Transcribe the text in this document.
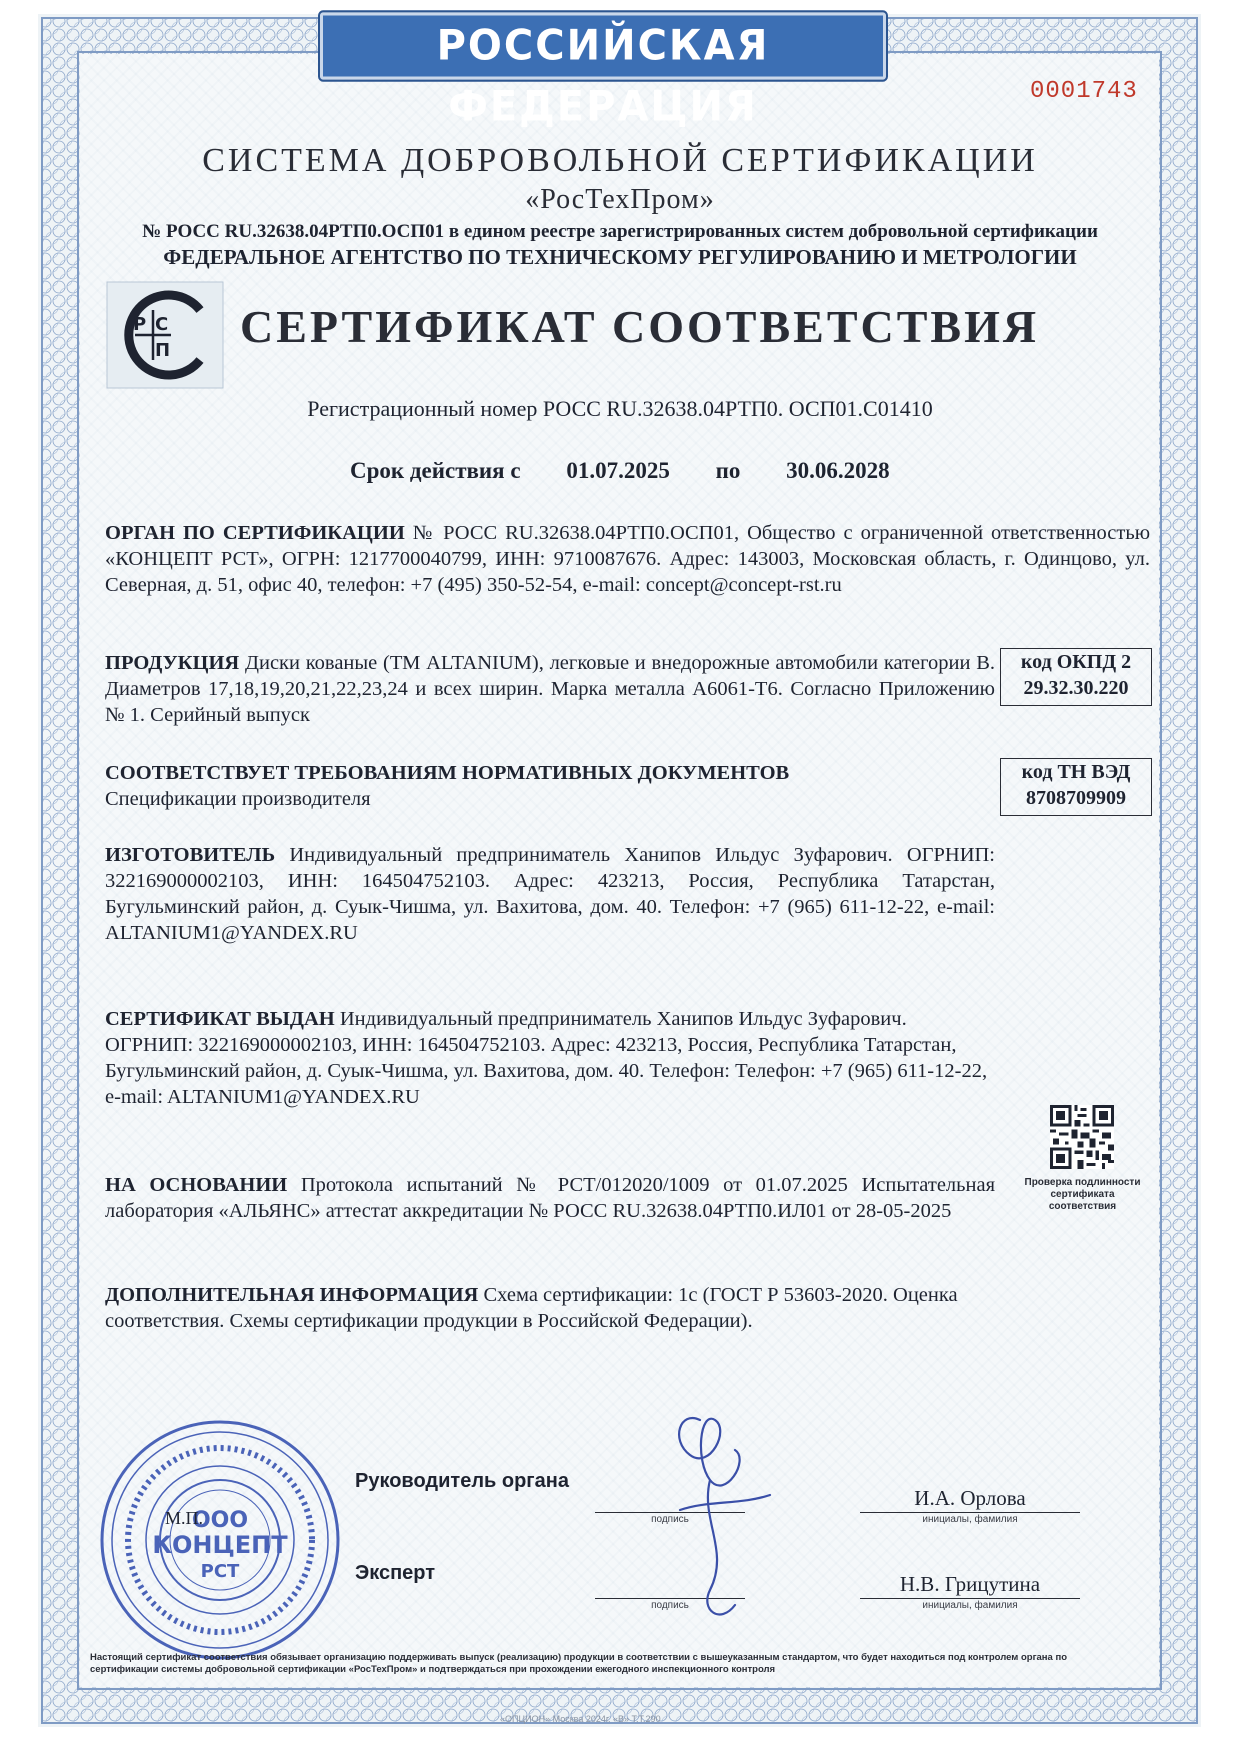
РОССИЙСКАЯ ФЕДЕРАЦИЯ	0001743
СИСТЕМА ДОБРОВОЛЬНОЙ СЕРТИФИКАЦИИ
«РосТехПром»
№ РОСС RU.32638.04РТП0.ОСП01 в едином реестре зарегистрированных систем добровольной сертификации
ФЕДЕРАЛЬНОЕ АГЕНТСТВО ПО ТЕХНИЧЕСКОМУ РЕГУЛИРОВАНИЮ И МЕТРОЛОГИИ
Р
П
С СЕРТИФИКАТ СООТВЕТСТВИЯ
Регистрационный номер РОСС RU.32638.04РТП0. ОСП01.С01410
Срок действия с 01.07.2025 по 30.06.2028
ОРГАН ПО СЕРТИФИКАЦИИ № РОСС RU.32638.04РТП0.ОСП01, Общество с ограниченной ответственностью «КОНЦЕПТ РСТ», ОГРН: 1217700040799, ИНН: 9710087676. Адрес: 143003, Московская область, г. Одинцово, ул. Северная, д. 51, офис 40, телефон: +7 (495) 350-52-54, e-mail: concept@concept-rst.ru
ПРОДУКЦИЯ Диски кованые (ТМ ALTANIUM), легковые и внедорожные автомобили категории В. Диаметров 17,18,19,20,21,22,23,24 и всех ширин. Марка металла А6061-Т6. Согласно Приложению № 1. Серийный выпуск
код ОКПД 2
29.32.30.220
СООТВЕТСТВУЕТ ТРЕБОВАНИЯМ НОРМАТИВНЫХ ДОКУМЕНТОВ
Спецификации производителя
код ТН ВЭД
8708709909
ИЗГОТОВИТЕЛЬ Индивидуальный предприниматель Ханипов Ильдус Зуфарович. ОГРНИП: 322169000002103, ИНН: 164504752103. Адрес: 423213, Россия, Республика Татарстан, Бугульминский район, д. Суык-Чишма, ул. Вахитова, дом. 40. Телефон: +7 (965) 611-12-22, e-mail: ALTANIUM1@YANDEX.RU
СЕРТИФИКАТ ВЫДАН Индивидуальный предприниматель Ханипов Ильдус Зуфарович. ОГРНИП: 322169000002103, ИНН: 164504752103. Адрес: 423213, Россия, Республика Татарстан, Бугульминский район, д. Суык-Чишма, ул. Вахитова, дом. 40. Телефон: Телефон: +7 (965) 611-12-22, e-mail: ALTANIUM1@YANDEX.RU
НА ОСНОВАНИИ Протокола испытаний № РСТ/012020/1009 от 01.07.2025 Испытательная лаборатория «АЛЬЯНС» аттестат аккредитации № РОСС RU.32638.04РТП0.ИЛ01 от 28-05-2025
ДОПОЛНИТЕЛЬНАЯ ИНФОРМАЦИЯ Схема сертификации: 1с (ГОСТ Р 53603-2020. Оценка соответствия. Схемы сертификации продукции в Российской Федерации).
Проверка подлинности сертификата соответствия
ООО
КОНЦЕПТ
РСТ
М.П.
Руководитель органа
подпись
И.А. Орлова
инициалы, фамилия
Эксперт
подпись
Н.В. Грицутина
инициалы, фамилия
Настоящий сертификат соответствия обязывает организацию поддерживать выпуск (реализацию) продукции в соответствии с вышеуказанным стандартом, что будет находиться под контролем органа по сертификации системы добровольной сертификации «РосТехПром» и подтверждаться при прохождении ежегодного инспекционного контроля
«ОПЦИОН» Москва 2024г. «В» Т.Т.290
